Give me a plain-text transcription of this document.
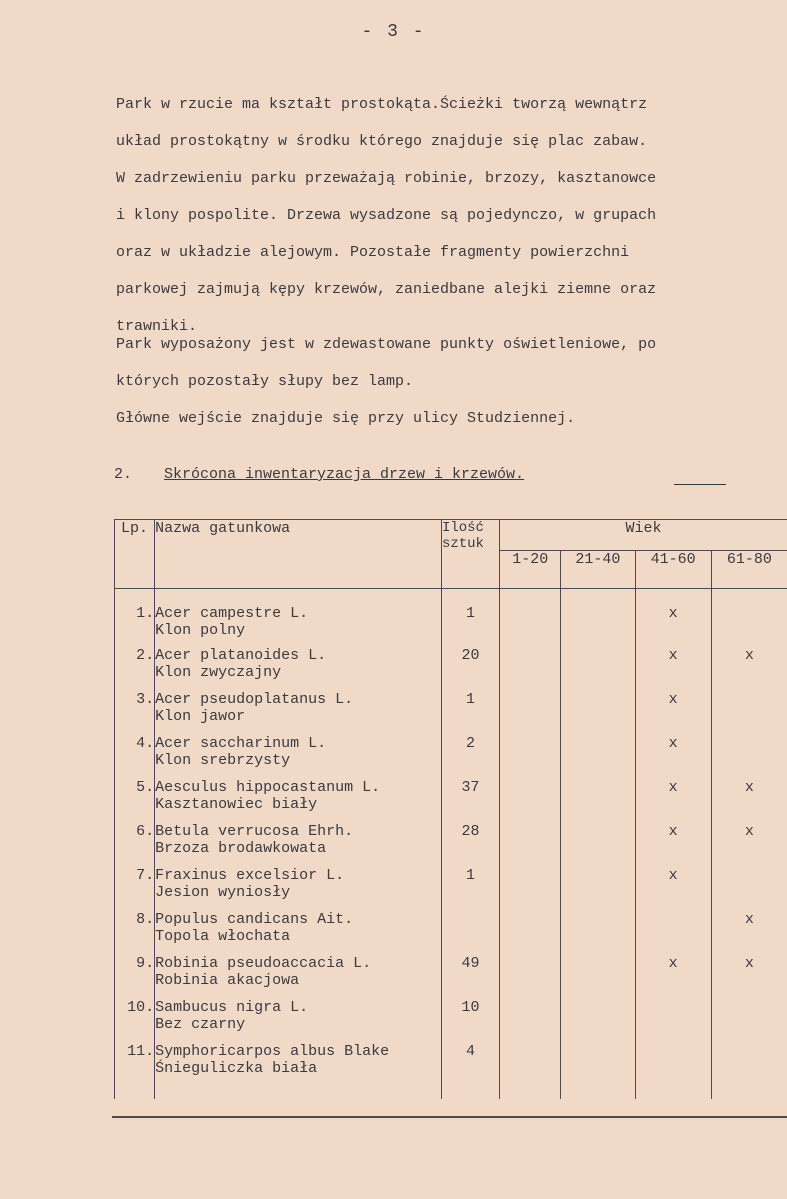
- 3 -
Park w rzucie ma kształt prostokąta.Ścieżki tworzą wewnątrz
układ prostokątny w środku którego znajduje się plac zabaw.
W zadrzewieniu parku przeważają robinie, brzozy, kasztanowce
i klony pospolite. Drzewa wysadzone są pojedynczo, w grupach
oraz w układzie alejowym. Pozostałe fragmenty powierzchni
parkowej zajmują kępy krzewów, zaniedbane alejki ziemne oraz
trawniki.
Park wyposażony jest w zdewastowane punkty oświetleniowe, po
których pozostały słupy bez lamp.
Główne wejście znajduje się przy ulicy Studziennej.
2. Skrócona inwentaryzacja drzew i krzewów.
Lp.	Nazwa gatunkowa	Ilość
sztuk	Wiek			
			1-20	21-40	41-60	61-80
1.	Acer campestre L.
Klon polny	1			x	
2.	Acer platanoides L.
Klon zwyczajny	20			x	x
3.	Acer pseudoplatanus L.
Klon jawor	1			x	
4.	Acer saccharinum L.
Klon srebrzysty	2			x	
5.	Aesculus hippocastanum L.
Kasztanowiec biały	37			x	x
6.	Betula verrucosa Ehrh.
Brzoza brodawkowata	28			x	x
7.	Fraxinus excelsior L.
Jesion wyniosły	1			x	
8.	Populus candicans Ait.
Topola włochata					x
9.	Robinia pseudoaccacia L.
Robinia akacjowa	49			x	x
10.	Sambucus nigra L.
Bez czarny	10				
11.	Symphoricarpos albus Blake
Śnieguliczka biała	4				
